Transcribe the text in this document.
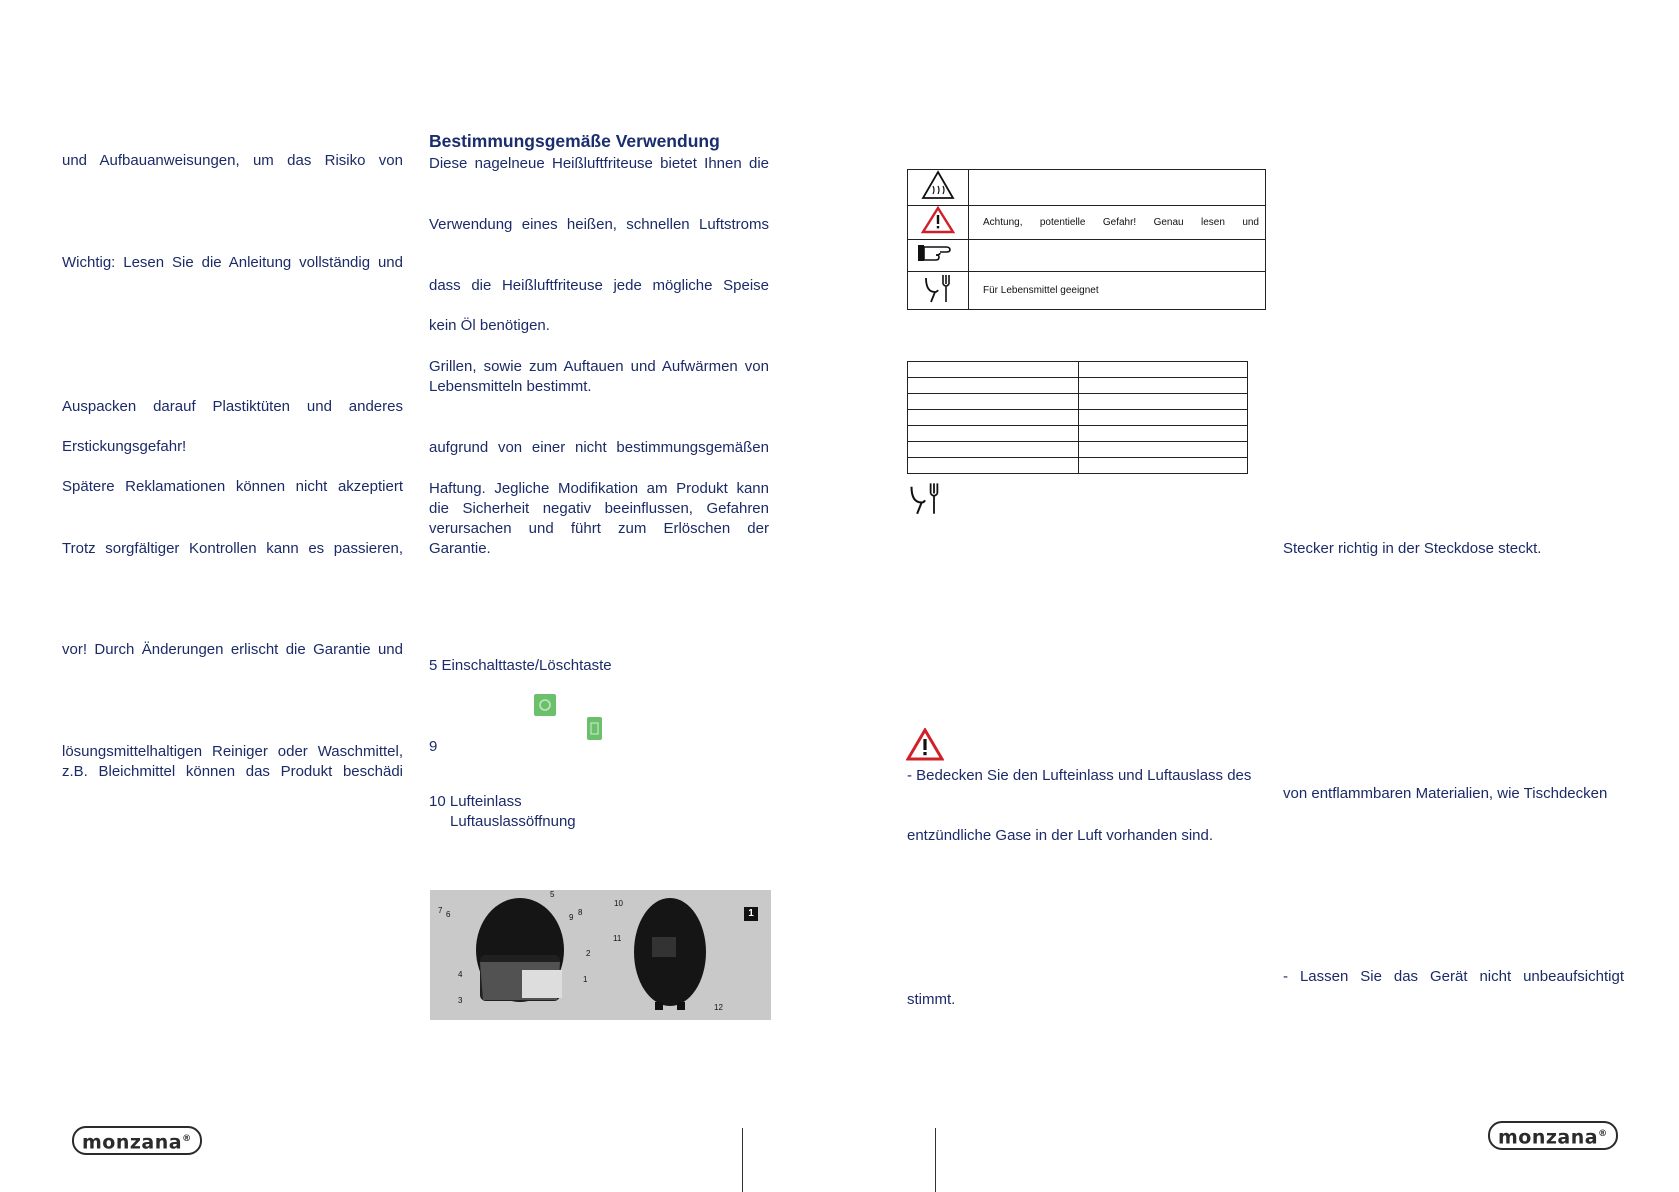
und Aufbauanweisungen, um das Risiko von
Wichtig: Lesen Sie die Anleitung vollständig und
Auspacken darauf Plastiktüten und anderes
Erstickungsgefahr!
Spätere Reklamationen können nicht akzeptiert
Trotz sorgfältiger Kontrollen kann es passieren,
vor! Durch Änderungen erlischt die Garantie und
lösungsmittelhaltigen Reiniger oder Waschmittel,
z.B. Bleichmittel können das Produkt beschädi
Bestimmungsgemäße Verwendung
Diese nagelneue Heißluftfriteuse bietet Ihnen die
Verwendung eines heißen, schnellen Luftstroms
dass die Heißluftfriteuse jede mögliche Speise
kein Öl benötigen.
Grillen, sowie zum Auftauen und Aufwärmen von
Lebensmitteln bestimmt.
aufgrund von einer nicht bestimmungsgemäßen
Haftung. Jegliche Modifikation am Produkt kann
die Sicherheit negativ beeinflussen, Gefahren
verursachen und führt zum Erlöschen der Garantie.
5 Einschalttaste/Löschtaste
9
10 Lufteinlass
Luftauslassöffnung
1
5
7 6	8
9
2
4
1
3
10
11
12

	Achtung, potentielle Gefahr! Genau lesen und

	Für Lebensmittel geeignet

- Bedecken Sie den Lufteinlass und Luftauslass des
entzündliche Gase in der Luft vorhanden sind.
stimmt.
Stecker richtig in der Steckdose steckt.
von entflammbaren Materialien, wie Tischdecken
- Lassen Sie das Gerät nicht unbeaufsichtigt
monzana®	monzana®
